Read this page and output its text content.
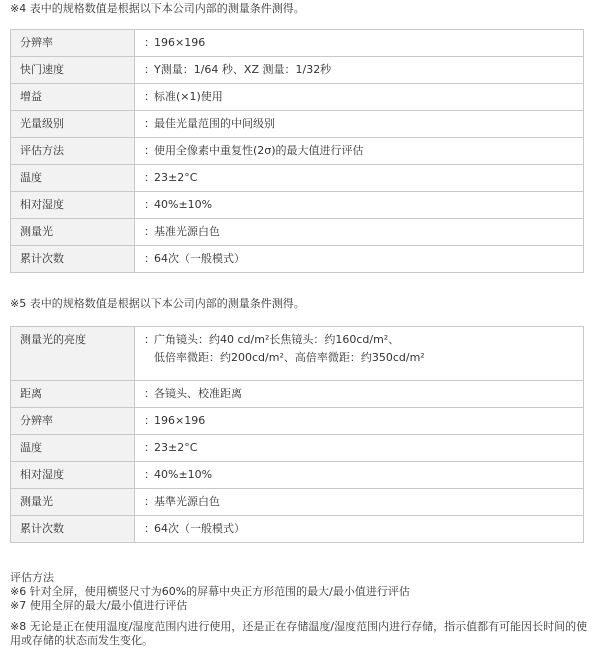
※4 表中的规格数值是根据以下本公司内部的测量条件测得。
分辨率	：196×196
快门速度	：Y测量：1/64 秒、XZ 测量：1/32秒
增益	：标准(×1)使用
光量级别	：最佳光量范围的中间级别
评估方法	：使用全像素中重复性(2σ)的最大值进行评估
温度	：23±2°C
相对湿度	：40%±10%
测量光	：基准光源白色
累计次数	：64次（一般模式）
※5 表中的规格数值是根据以下本公司内部的测量条件测得。
测量光的亮度	：广角镜头：约40 cd/m²长焦镜头：约160cd/m²、
低倍率微距：约200cd/m²、高倍率微距：约350cd/m²

距离	：各镜头、校准距离
分辨率	：196×196
温度	：23±2°C
相对湿度	：40%±10%
测量光	：基準光源白色
累计次数	：64次（一般模式）
评估方法
※6 针对全屏，使用横竖尺寸为60%的屏幕中央正方形范围的最大/最小值进行评估
※7 使用全屏的最大/最小值进行评估
※8 无论是正在使用温度/湿度范围内进行使用，还是正在存储温度/湿度范围内进行存储，指示值都有可能因长时间的使用或存储的状态而发生变化。
